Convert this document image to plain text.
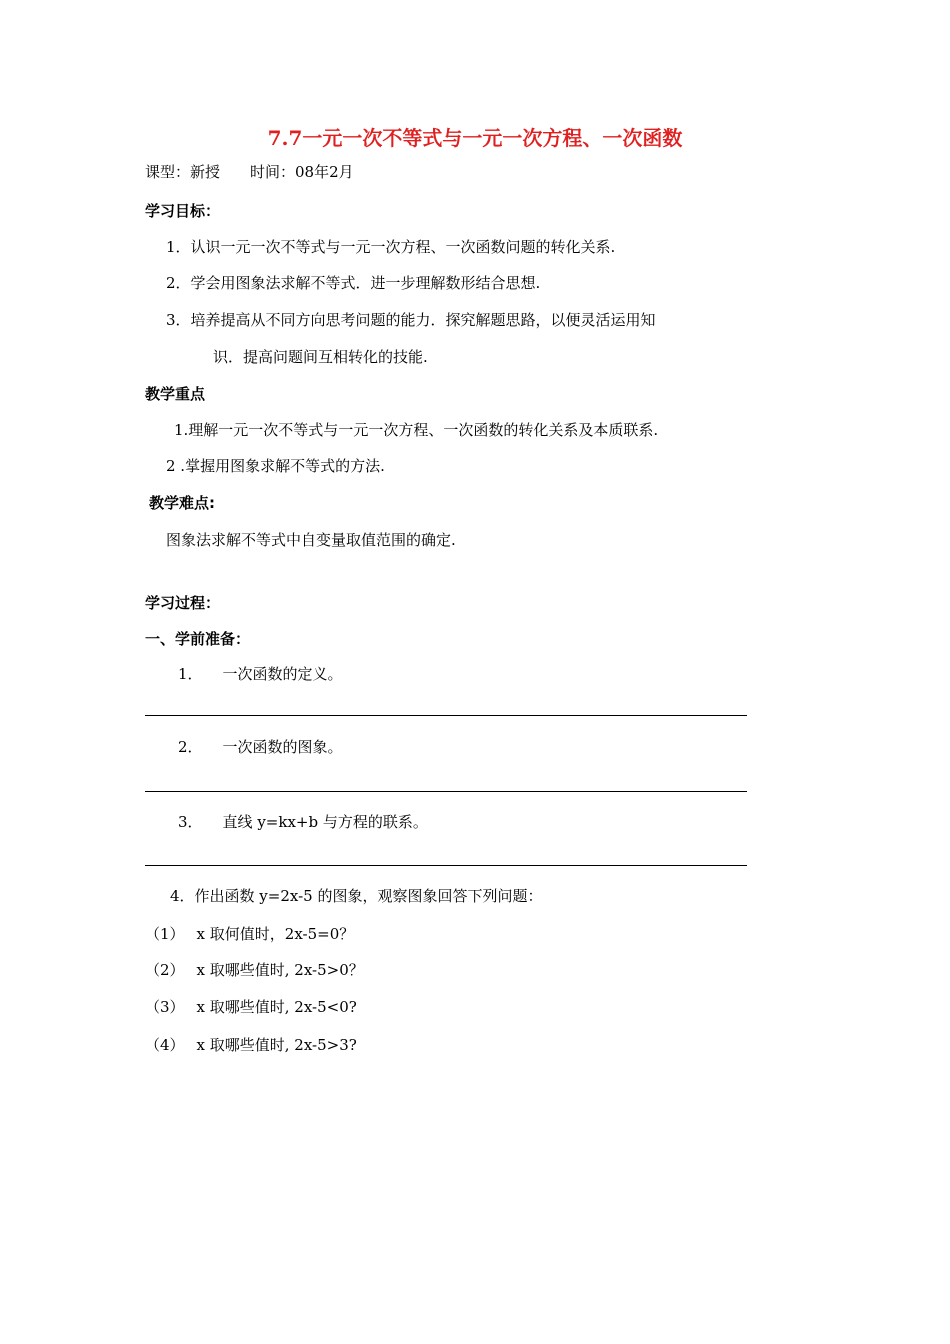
7.7一元一次不等式与一元一次方程、一次函数
课型：新授 时间：08年2月
学习目标：
1．认识一元一次不等式与一元一次方程、一次函数问题的转化关系.
2．学会用图象法求解不等式．进一步理解数形结合思想.
3．培养提高从不同方向思考问题的能力．探究解题思路，以便灵活运用知
识．提高问题间互相转化的技能.
教学重点
1.理解一元一次不等式与一元一次方程、一次函数的转化关系及本质联系.
2 .掌握用图象求解不等式的方法.
教学难点:
图象法求解不等式中自变量取值范围的确定.
学习过程：
一、学前准备：
1． 一次函数的定义。
2． 一次函数的图象。
3． 直线 y=kx+b 与方程的联系。
4．作出函数 y=2x-5 的图象，观察图象回答下列问题：
（1） x 取何值时，2x-5=0？
（2） x 取哪些值时, 2x-5>0？
（3） x 取哪些值时, 2x-5<0?
（4） x 取哪些值时, 2x-5>3?
